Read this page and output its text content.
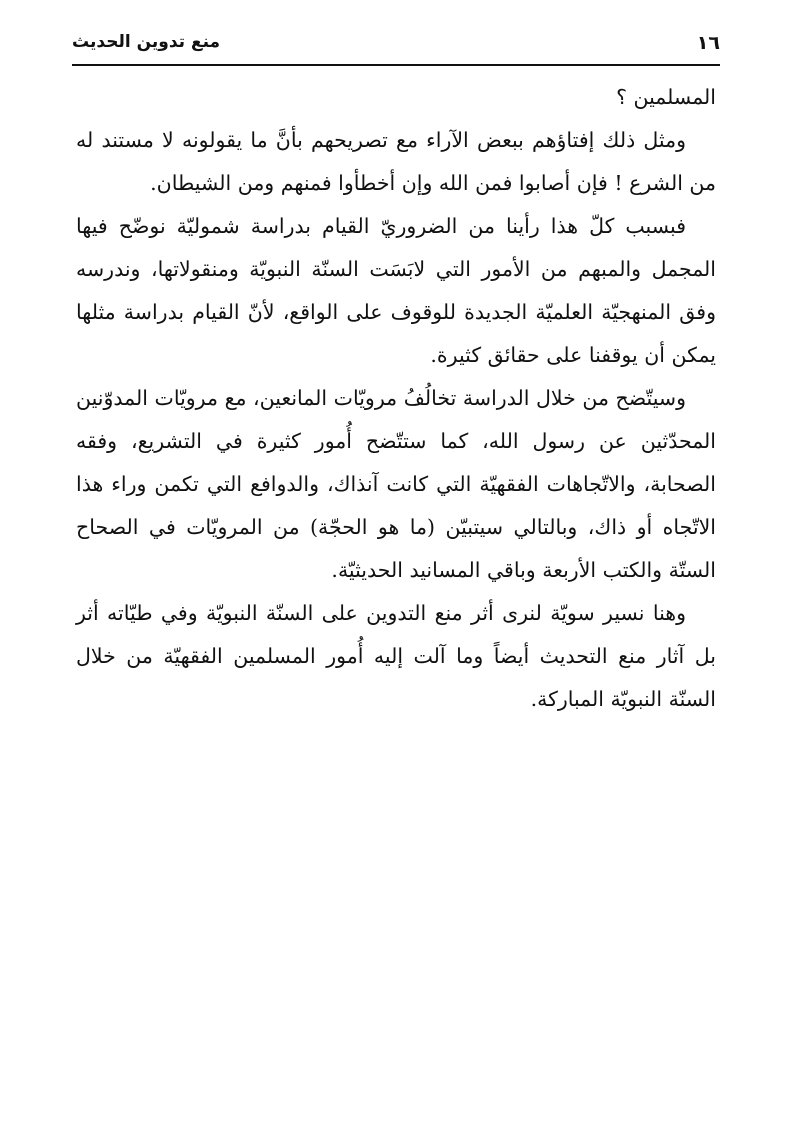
١٦
منع تدوين الحديث

المسلمين ؟

ومثل ذلك إفتاؤهم ببعض الآراء مع تصريحهم بأنَّ ما يقولونه لا مستند له من الشرع ! فإن أصابوا فمن الله وإن أخطأوا فمنهم ومن الشيطان.

فبسبب كلّ هذا رأينا من الضروريّ القيام بدراسة شموليّة نوضّح فيها المجمل والمبهم من الأمور التي لابَسَت السنّة النبويّة ومنقولاتها، وندرسه وفق المنهجيّة العلميّة الجديدة للوقوف على الواقع، لأنّ القيام بدراسة مثلها يمكن أن يوقفنا على حقائق كثيرة.

وسيتّضح من خلال الدراسة تخالُفُ مرويّات المانعين، مع مرويّات المدوّنين المحدّثين عن رسول الله، كما ستتّضح أُمور كثيرة في التشريع، وفقه الصحابة، والاتّجاهات الفقهيّة التي كانت آنذاك، والدوافع التي تكمن وراء هذا الاتّجاه أو ذاك، وبالتالي سيتبيّن (ما هو الحجّة) من المرويّات في الصحاح الستّة والكتب الأربعة وباقي المسانيد الحديثيّة.

وهنا نسير سويّة لنرى أثر منع التدوين على السنّة النبويّة وفي طيّاته أثر بل آثار منع التحديث أيضاً وما آلت إليه أُمور المسلمين الفقهيّة من خلال السنّة النبويّة المباركة.
